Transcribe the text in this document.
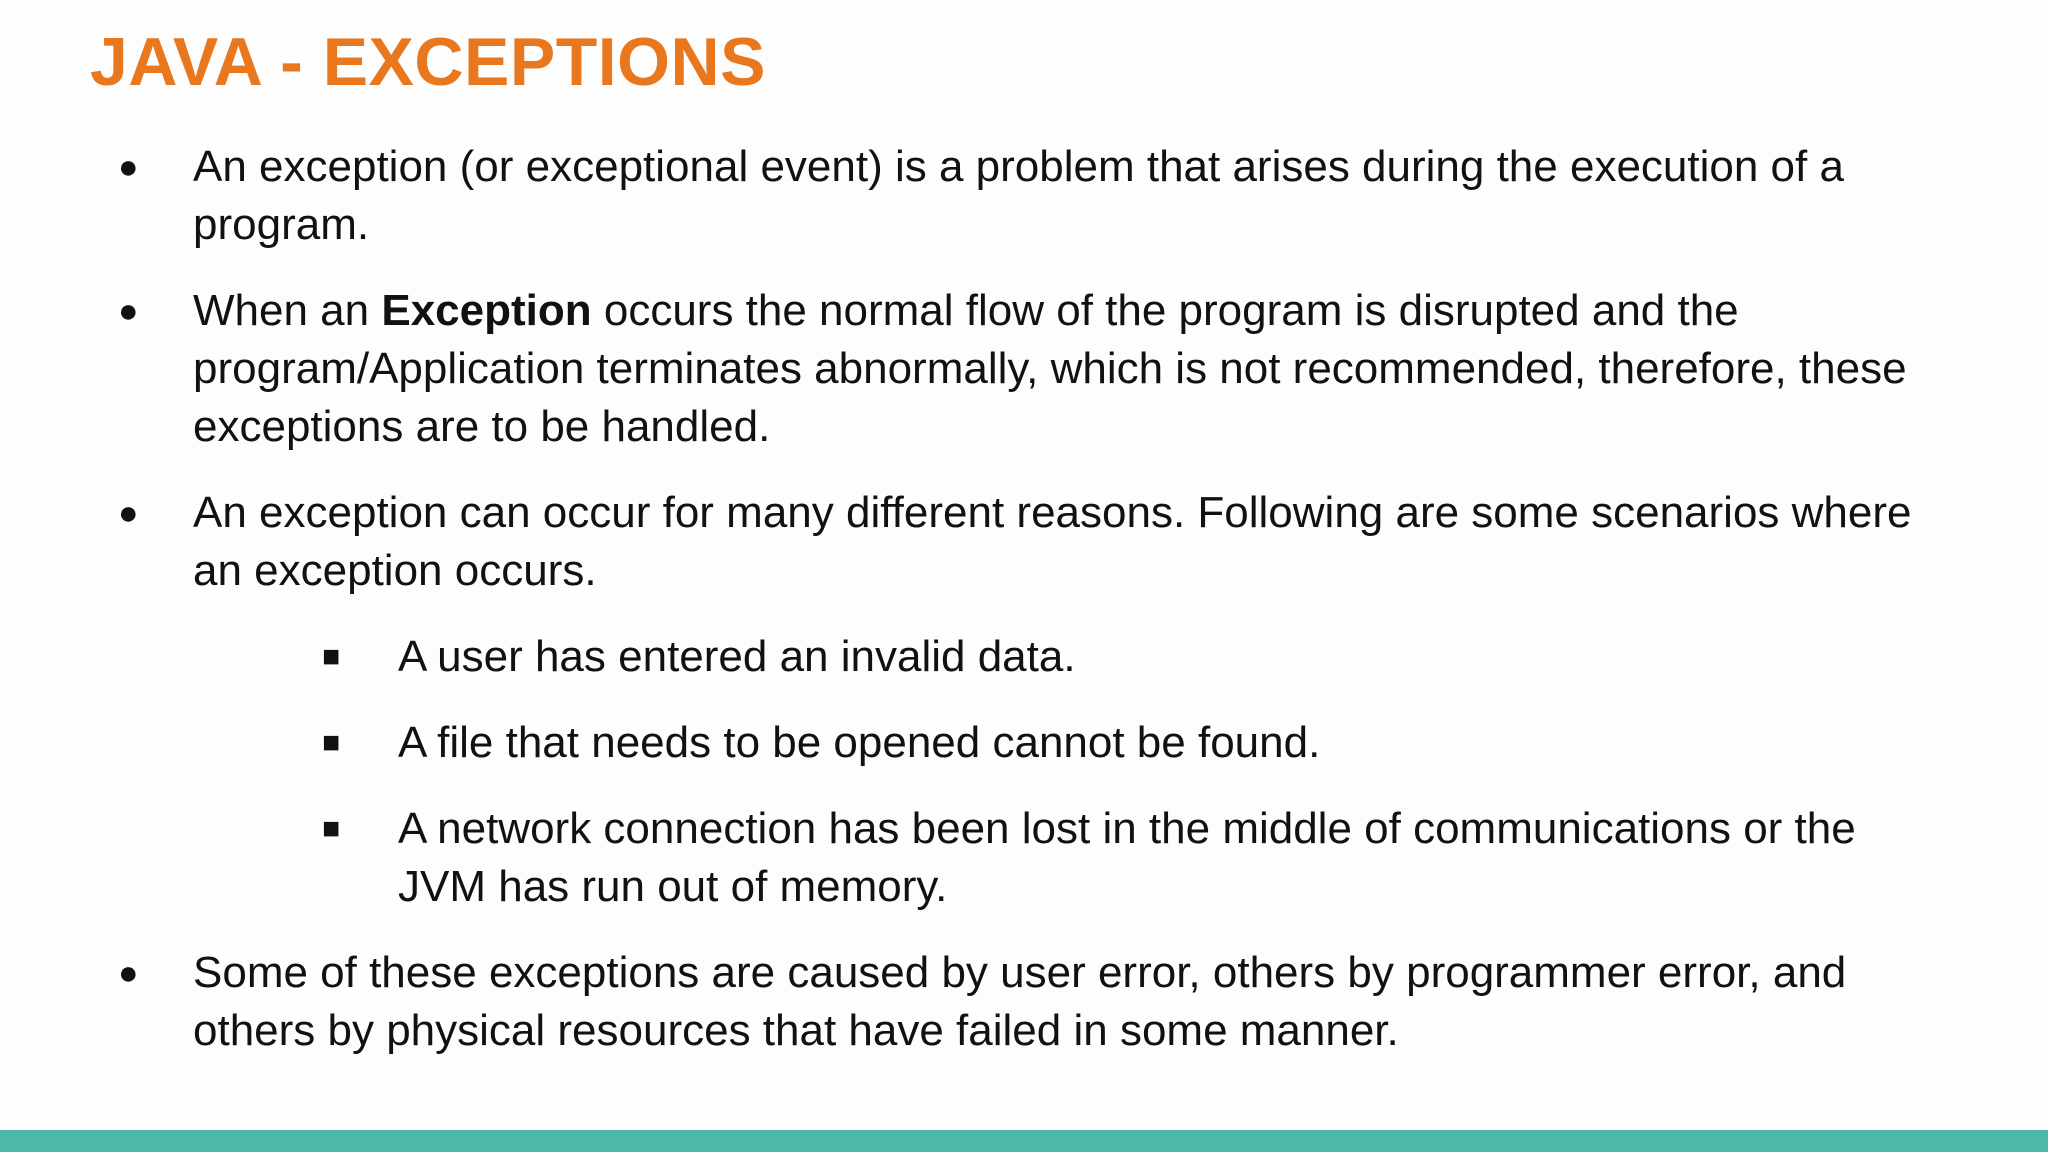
JAVA - EXCEPTIONS
● An exception (or exceptional event) is a problem that arises during the execution of a program.
● When an Exception occurs the normal flow of the program is disrupted and the program/Application terminates abnormally, which is not recommended, therefore, these exceptions are to be handled.
● An exception can occur for many different reasons. Following are some scenarios where an exception occurs.
■ A user has entered an invalid data.
■ A file that needs to be opened cannot be found.
■ A network connection has been lost in the middle of communications or the JVM has run out of memory.
● Some of these exceptions are caused by user error, others by programmer error, and others by physical resources that have failed in some manner.
